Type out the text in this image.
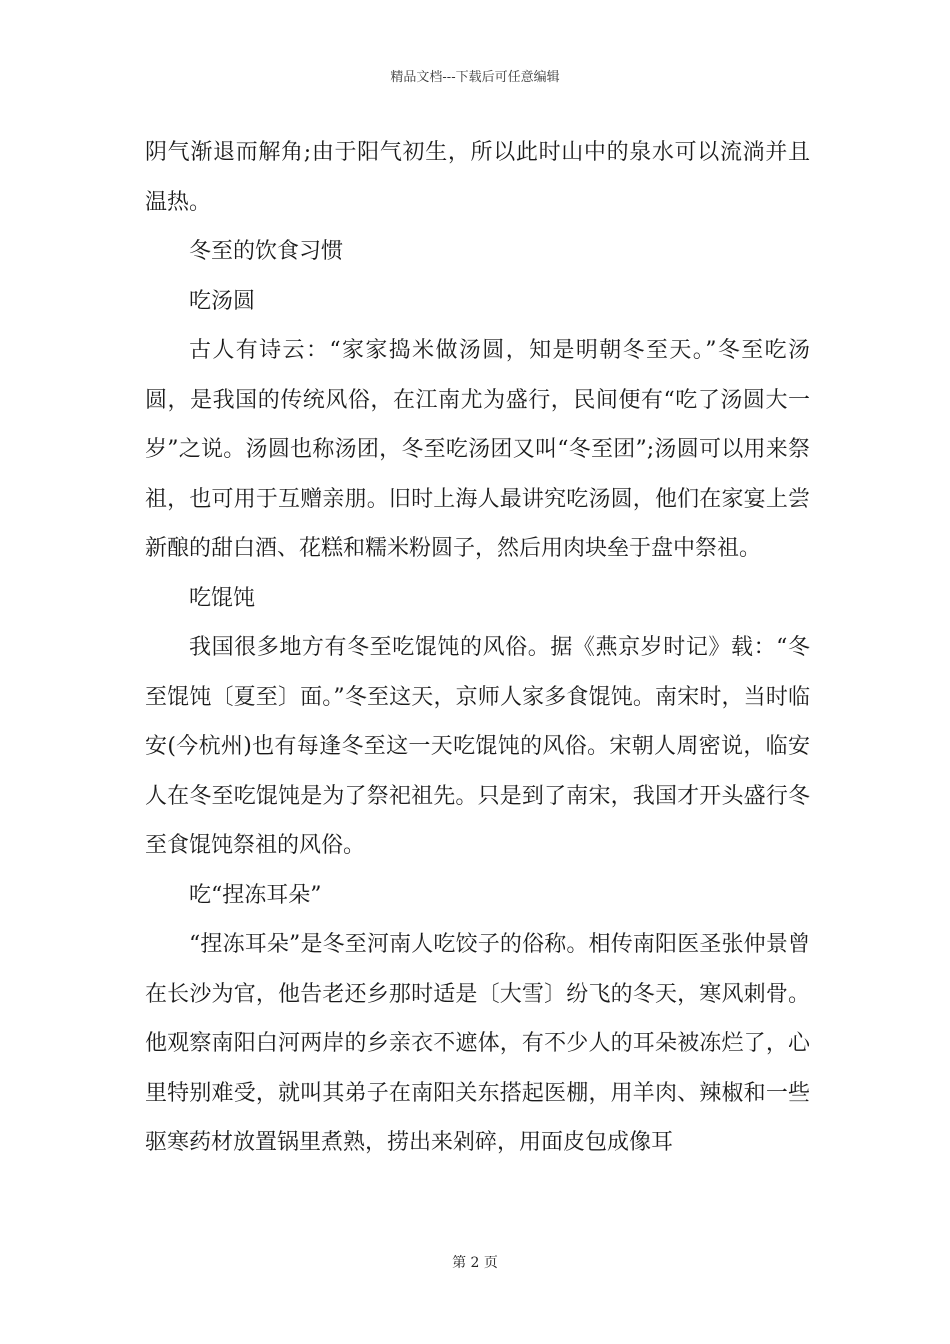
精品文档---下载后可任意编辑

阴气渐退而解角;由于阳气初生，所以此时山中的泉水可以流淌并且温热。

冬至的饮食习惯

吃汤圆

古人有诗云：“家家捣米做汤圆，知是明朝冬至天。”冬至吃汤圆，是我国的传统风俗，在江南尤为盛行，民间便有“吃了汤圆大一岁”之说。汤圆也称汤团，冬至吃汤团又叫“冬至团”;汤圆可以用来祭祖，也可用于互赠亲朋。旧时上海人最讲究吃汤圆，他们在家宴上尝新酿的甜白酒、花糕和糯米粉圆子，然后用肉块垒于盘中祭祖。

吃馄饨

我国很多地方有冬至吃馄饨的风俗。据《燕京岁时记》载：“冬至馄饨〔夏至〕面。”冬至这天，京师人家多食馄饨。南宋时，当时临安(今杭州)也有每逢冬至这一天吃馄饨的风俗。宋朝人周密说，临安人在冬至吃馄饨是为了祭祀祖先。只是到了南宋，我国才开头盛行冬至食馄饨祭祖的风俗。

吃“捏冻耳朵”

“捏冻耳朵”是冬至河南人吃饺子的俗称。相传南阳医圣张仲景曾在长沙为官，他告老还乡那时适是〔大雪〕纷飞的冬天，寒风刺骨。他观察南阳白河两岸的乡亲衣不遮体，有不少人的耳朵被冻烂了，心里特别难受，就叫其弟子在南阳关东搭起医棚，用羊肉、辣椒和一些驱寒药材放置锅里煮熟，捞出来剁碎，用面皮包成像耳

第 2 页
